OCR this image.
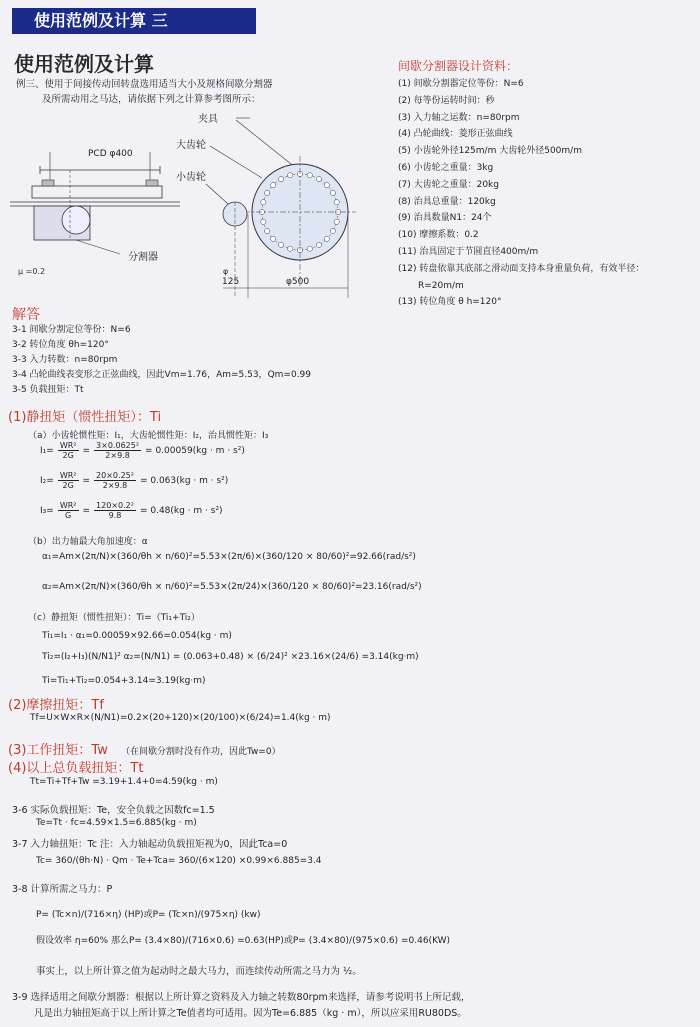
使用范例及计算 三
使用范例及计算
例三、使用于间接传动回转盘选用适当大小及规格间歇分割器
及所需动用之马达，请依据下列之计算参考图所示：
PCD φ400
分割器
μ =0.2
夹具
大齿轮
小齿轮
φ
125	φ500
间歇分割器设计资料：
(1) 间歇分割器定位等份：N=6
(2) 每等份运转时间：秒
(3) 入力轴之运数：n=80rpm
(4) 凸轮曲线：菱形正弦曲线
(5) 小齿轮外径125m/m 大齿轮外径500m/m
(6) 小齿轮之重量：3kg
(7) 大齿轮之重量：20kg
(8) 治具总重量：120kg
(9) 治具数量N1：24个
(10) 摩擦系数：0.2
(11) 治具固定于节圆直径400m/m
(12) 转盘依靠其底部之滑动面支持本身重量负荷，有效半径：
R=20m/m
(13) 转位角度 θ h=120°
解答
3-1 间歇分割定位等份：N=6
3-2 转位角度 θh=120°
3-3 入力转数：n=80rpm
3-4 凸轮曲线表变形之正弦曲线，因此Vm=1.76，Am=5.53，Qm=0.99
3-5 负载扭矩：Tt
(1)静扭矩（惯性扭矩）：Ti
（a）小齿轮惯性矩：I₁，大齿轮惯性矩：I₂，治具惯性矩：I₃
$I_1= \frac{\text{WR²}}{2G} = \frac{\text{3×0.0625²}}{2\times 9.8} = 0.00059(kg \cdot m \cdot s^2)$
$I_2= \frac{\text{WR²}}{2G} = \frac{\text{20×0.25²}}{2\times 9.8} = 0.063(kg \cdot m \cdot s^2)$
$I_3= \frac{\text{WR²}}{G} = \frac{\text{120×0.2²}}{9.8} = 0.48(kg \cdot m \cdot s^2)$
（b）出力轴最大角加速度：α
α₁=Am×(2π/N)×(360/θh × n/60)²=5.53×(2π/6)×(360/120 × 80/60)²=92.66(rad/s²)
α₂=Am×(2π/N)×(360/θh × n/60)²=5.53×(2π/24)×(360/120 × 80/60)²=23.16(rad/s²)
（c）静扭矩（惯性扭矩）：Ti=（Ti₁+Ti₂）
Ti₁=I₁ · α₁=0.00059×92.66=0.054(kg · m)
Ti₂=(I₂+I₃)(N/N1)² α₂=(N/N1) = (0.063+0.48) × (6/24)² ×23.16×(24/6) =3.14(kg·m)
Ti=Ti₁+Ti₂=0.054+3.14=3.19(kg·m)
(2)摩擦扭矩：Tf
Tf=U×W×R×(N/N1)=0.2×(20+120)×(20/100)×(6/24)=1.4(kg · m)
(3)工作扭矩：Tw （在间歇分割时没有作功，因此Tw=0）
(4)以上总负载扭矩：Tt
Tt=Ti+Tf+Tw =3.19+1.4+0=4.59(kg · m)
3-6 实际负载扭矩：Te，安全负载之因数fc=1.5
Te=Tt · fc=4.59×1.5=6.885(kg · m)
3-7 入力轴扭矩：Tc 注：入力轴起动负载扭矩视为0，因此Tca=0
Tc= 360/(θh·N) · Qm · Te+Tca= 360/(6×120) ×0.99×6.885=3.4
3-8 计算所需之马力：P
P= (Tc×n)/(716×η) (HP)或P= (Tc×n)/(975×η) (kw)
假设效率 η=60% 那么P= (3.4×80)/(716×0.6) =0.63(HP)或P= (3.4×80)/(975×0.6) =0.46(KW)
事实上，以上所计算之值为起动时之最大马力，而连续传动所需之马力为 ½。
3-9 选择适用之间歇分割器：根据以上所计算之资料及入力轴之转数80rpm来选择，请参考说明书上所记载，
凡是出力轴扭矩高于以上所计算之Te值者均可适用。因为Te=6.885（kg · m），所以应采用RU80DS。
